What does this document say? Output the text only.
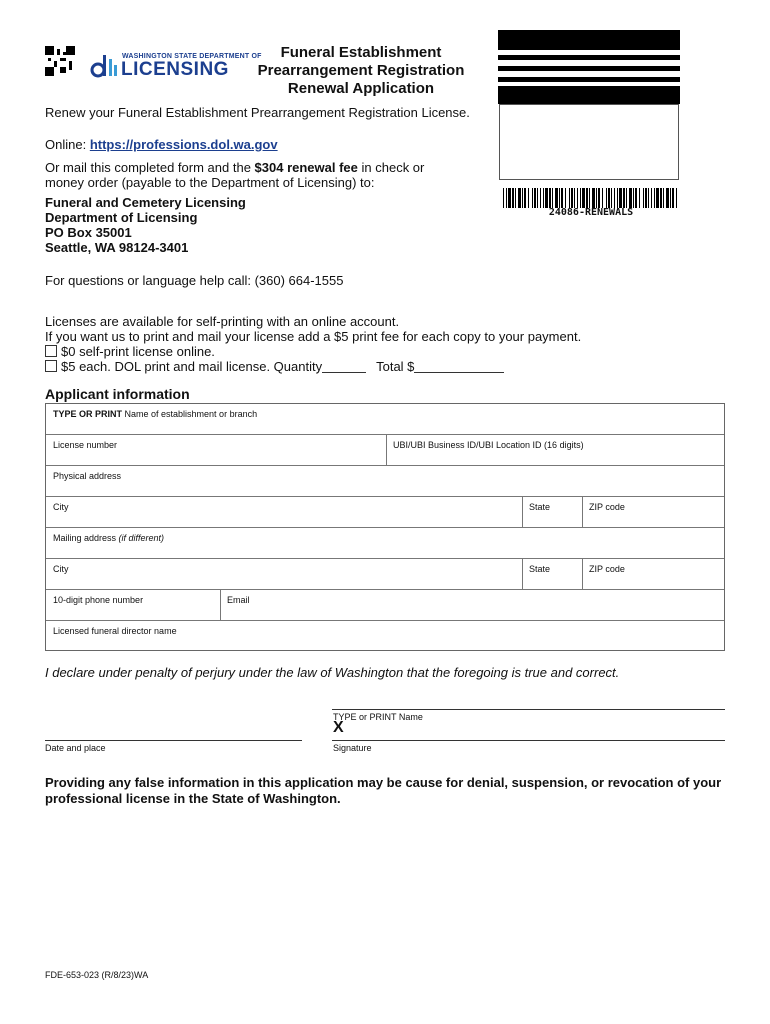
WASHINGTON STATE DEPARTMENT OF
LICENSING
Funeral Establishment
Prearrangement Registration
Renewal Application
24086-RENEWALS
Renew your Funeral Establishment Prearrangement Registration License.
Online: https://professions.dol.wa.gov
Or mail this completed form and the $304 renewal fee in check or
money order (payable to the Department of Licensing) to:
Funeral and Cemetery Licensing
Department of Licensing
PO Box 35001
Seattle, WA 98124-3401
For questions or language help call: (360) 664-1555
Licenses are available for self-printing with an online account.
If you want us to print and mail your license add a $5 print fee for each copy to your payment.
$0 self-print license online.
$5 each. DOL print and mail license. Quantity	Total $
Applicant information
TYPE OR PRINT Name of establishment or branch
License number	UBI/UBI Business ID/UBI Location ID (16 digits)
Physical address
City	State	ZIP code
Mailing address (if different)
City	State	ZIP code
10-digit phone number	Email
Licensed funeral director name
I declare under penalty of perjury under the law of Washington that the foregoing is true and correct.
TYPE or PRINT Name
X
Date and place	Signature
Providing any false information in this application may be cause for denial, suspension, or revocation of your professional license in the State of Washington.
FDE-653-023 (R/8/23)WA
